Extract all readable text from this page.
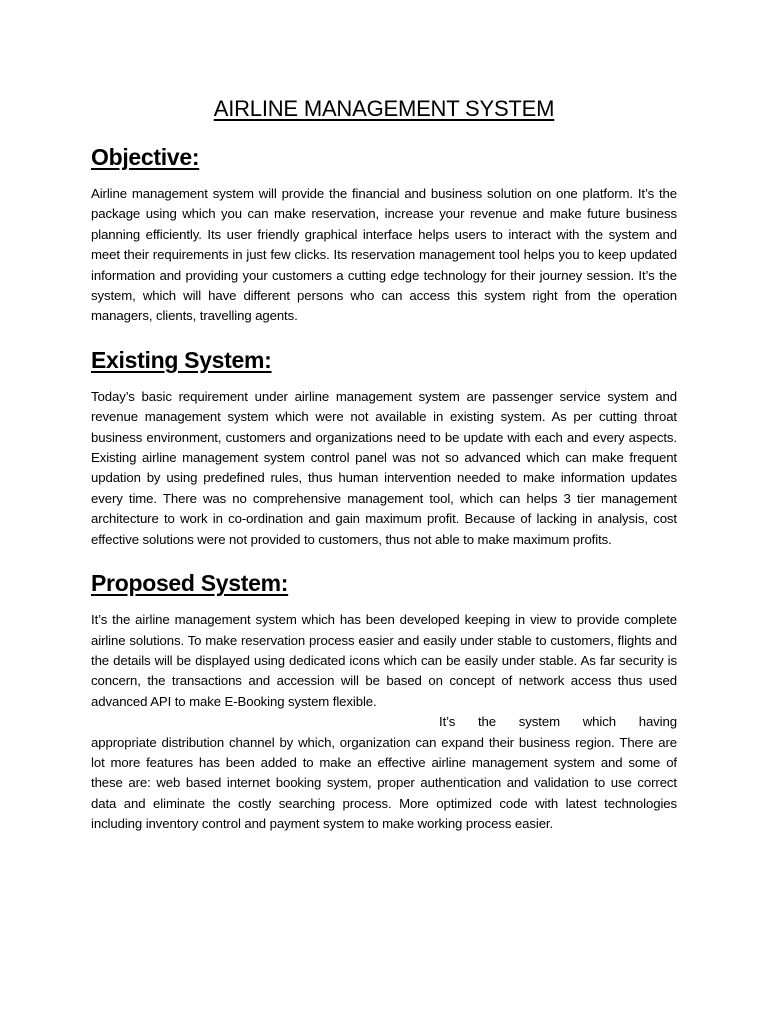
AIRLINE MANAGEMENT SYSTEM
Objective:

Airline management system will provide the financial and business solution on one platform. It’s the package using which you can make reservation, increase your revenue and make future business planning efficiently. Its user friendly graphical interface helps users to interact with the system and meet their requirements in just few clicks. Its reservation management tool helps you to keep updated information and providing your customers a cutting edge technology for their journey session. It’s the system, which will have different persons who can access this system right from the operation managers, clients, travelling agents.

Existing System:

Today’s basic requirement under airline management system are passenger service system and revenue management system which were not available in existing system. As per cutting throat business environment, customers and organizations need to be update with each and every aspects. Existing airline management system control panel was not so advanced which can make frequent updation by using predefined rules, thus human intervention needed to make information updates every time. There was no comprehensive management tool, which can helps 3 tier management architecture to work in co-ordination and gain maximum profit. Because of lacking in analysis, cost effective solutions were not provided to customers, thus not able to make maximum profits.

Proposed System:

It’s the airline management system which has been developed keeping in view to provide complete airline solutions. To make reservation process easier and easily under stable to customers, flights and the details will be displayed using dedicated icons which can be easily under stable. As far security is concern, the transactions and accession will be based on concept of network access thus used advanced API to make E-Booking system flexible.

It’s the system which having

appropriate distribution channel by which, organization can expand their business region. There are lot more features has been added to make an effective airline management system and some of these are: web based internet booking system, proper authentication and validation to use correct data and eliminate the costly searching process. More optimized code with latest technologies including inventory control and payment system to make working process easier.
